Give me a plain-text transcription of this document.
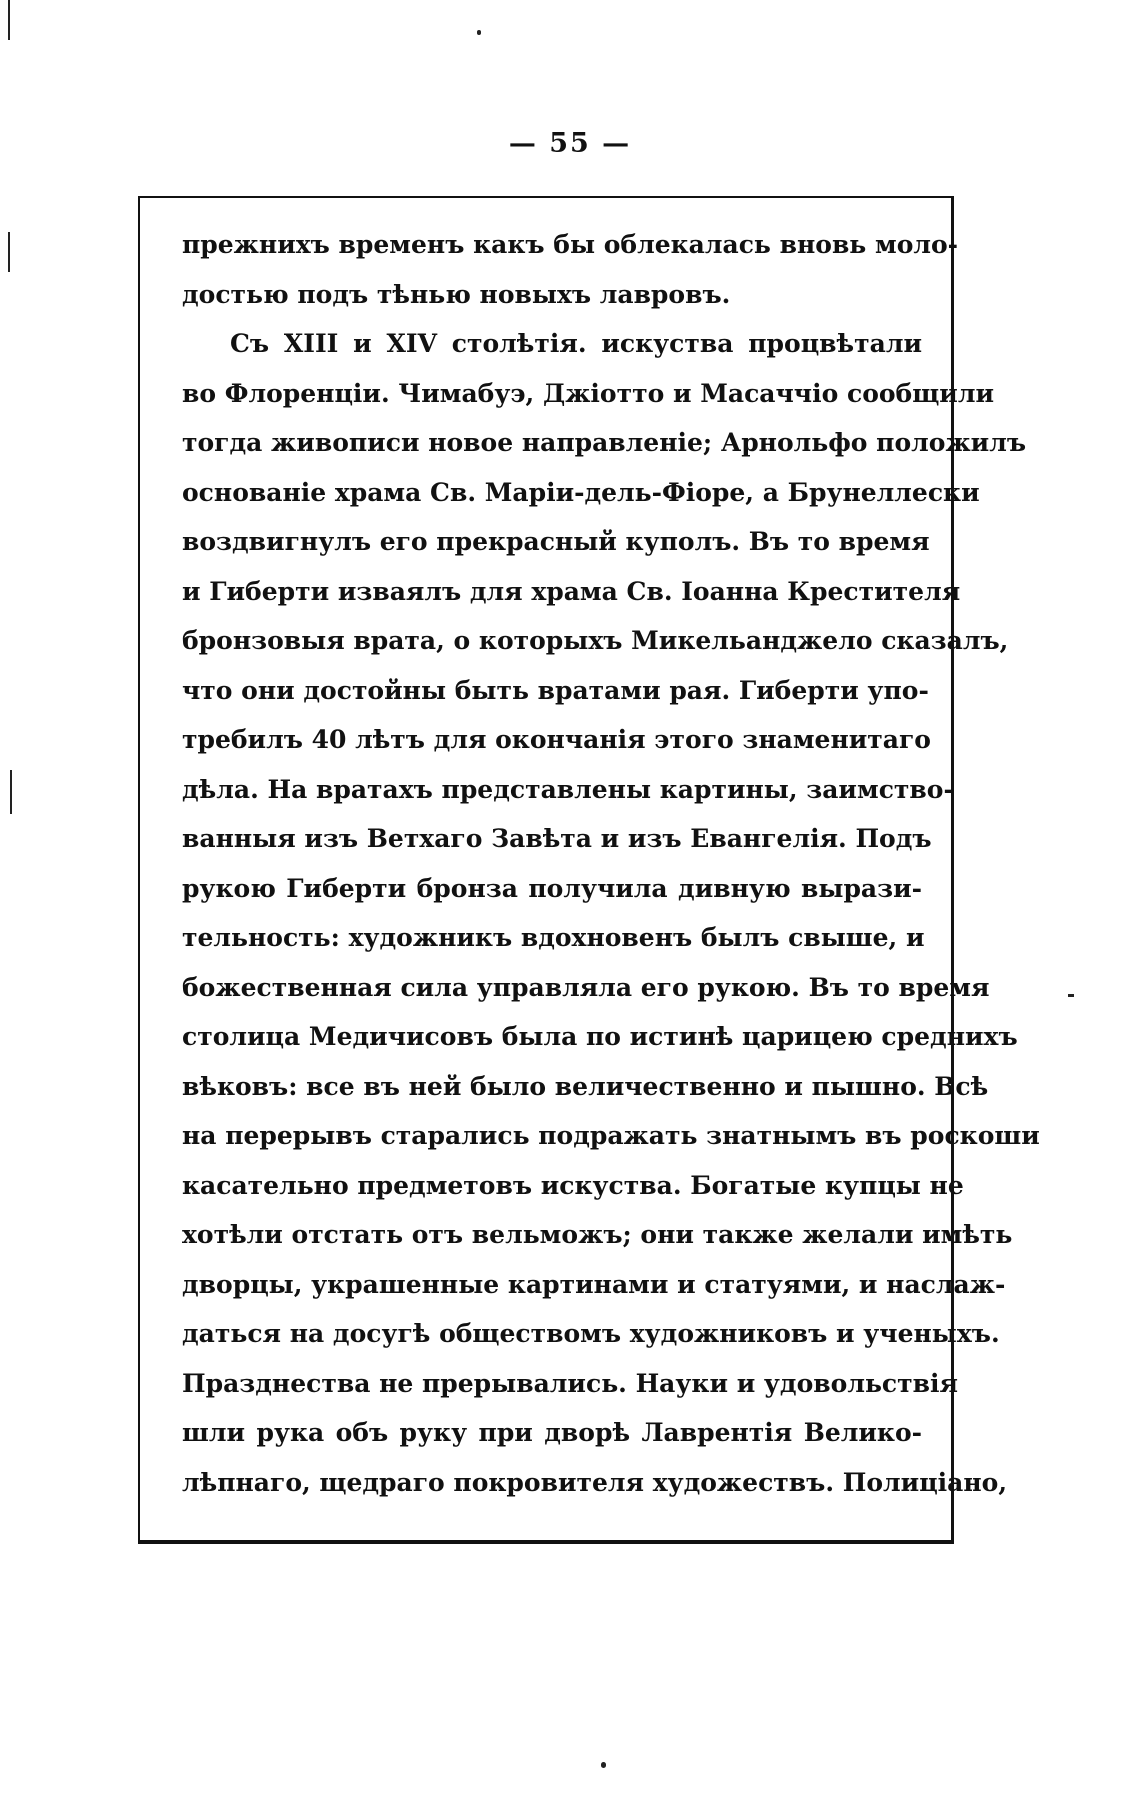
— 55 —
прежнихъ временъ какъ бы облекалась вновь моло-
достью подъ тѣнью новыхъ лавровъ.
Съ XIII и XIV столѣтія. искуства процвѣтали
во Флоренціи. Чимабуэ, Джіотто и Масаччіо сообщили
тогда живописи новое направленіе; Арнольфо положилъ
основаніе храма Св. Маріи-дель-Фіоре, а Брунеллески
воздвигнулъ его прекрасный куполъ. Въ то время
и Гиберти изваялъ для храма Св. Іоанна Крестителя
бронзовыя врата, о которыхъ Микельанджело сказалъ,
что они достойны быть вратами рая. Гиберти упо-
требилъ 40 лѣтъ для окончанія этого знаменитаго
дѣла. На вратахъ представлены картины, заимство-
ванныя изъ Ветхаго Завѣта и изъ Евангелія. Подъ
рукою Гиберти бронза получила дивную вырази-
тельность: художникъ вдохновенъ былъ свыше, и
божественная сила управляла его рукою. Въ то время
столица Медичисовъ была по истинѣ царицею среднихъ
вѣковъ: все въ ней было величественно и пышно. Всѣ
на перерывъ старались подражать знатнымъ въ роскоши
касательно предметовъ искуства. Богатые купцы не
хотѣли отстать отъ вельможъ; они также желали имѣть
дворцы, украшенные картинами и статуями, и наслаж-
даться на досугѣ обществомъ художниковъ и ученыхъ.
Празднества не прерывались. Науки и удовольствія
шли рука объ руку при дворѣ Лаврентія Велико-
лѣпнаго, щедраго покровителя художествъ. Полиціано,
